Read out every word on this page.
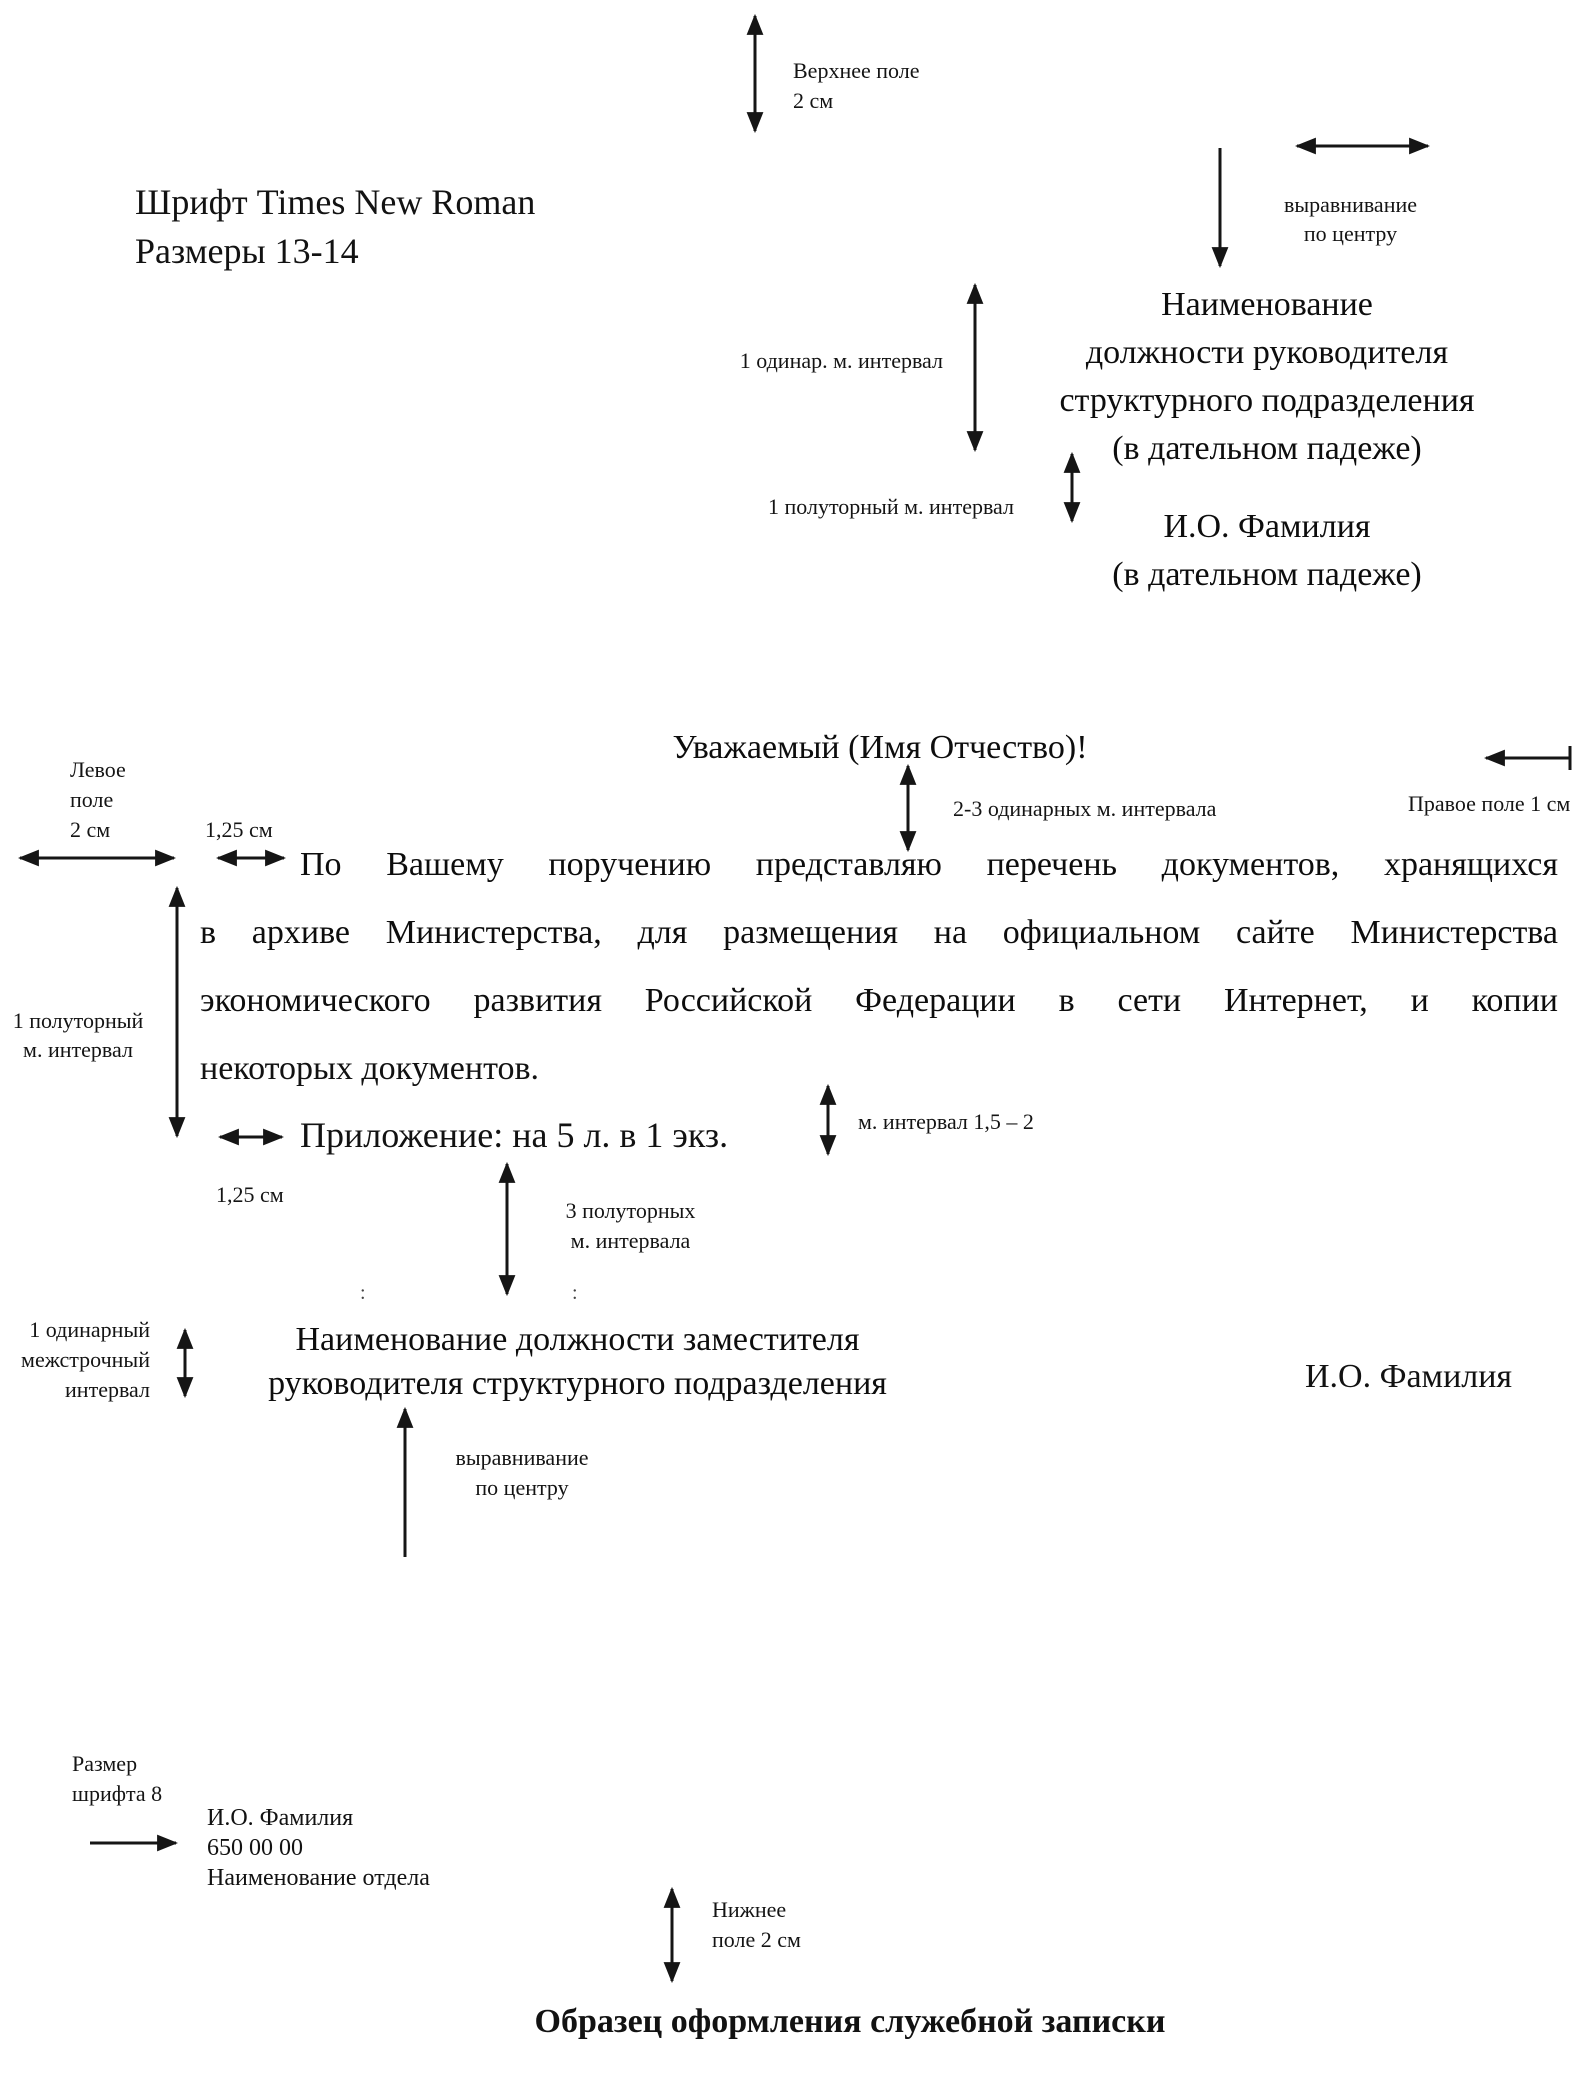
Верхнее поле
2 см
Шрифт Times New Roman
Размеры 13-14
выравнивание
по центру
Наименование
должности руководителя
структурного подразделения
(в дательном падеже)
1 одинар. м. интервал
1 полуторный м. интервал
И.О. Фамилия
(в дательном падеже)
Уважаемый (Имя Отчество)!
2-3 одинарных м. интервала	Правое поле 1 см
Левое
поле
2 см	1,25 см
По Вашему поручению представляю перечень документов, хранящихся
в архиве Министерства, для размещения на официальном сайте Министерства
экономического развития Российской Федерации в сети Интернет, и копии
некоторых документов.
1 полуторный
м. интервал
Приложение: на 5 л. в 1 экз.	м. интервал 1,5 – 2
1,25 см
3 полуторных
м. интервала
:	:
1 одинарный
межстрочный
интервал
Наименование должности заместителя
руководителя структурного подразделения	И.О. Фамилия
выравнивание
по центру
Размер
шрифта 8
И.О. Фамилия
650 00 00
Наименование отдела
Нижнее
поле 2 см
Образец оформления служебной записки
